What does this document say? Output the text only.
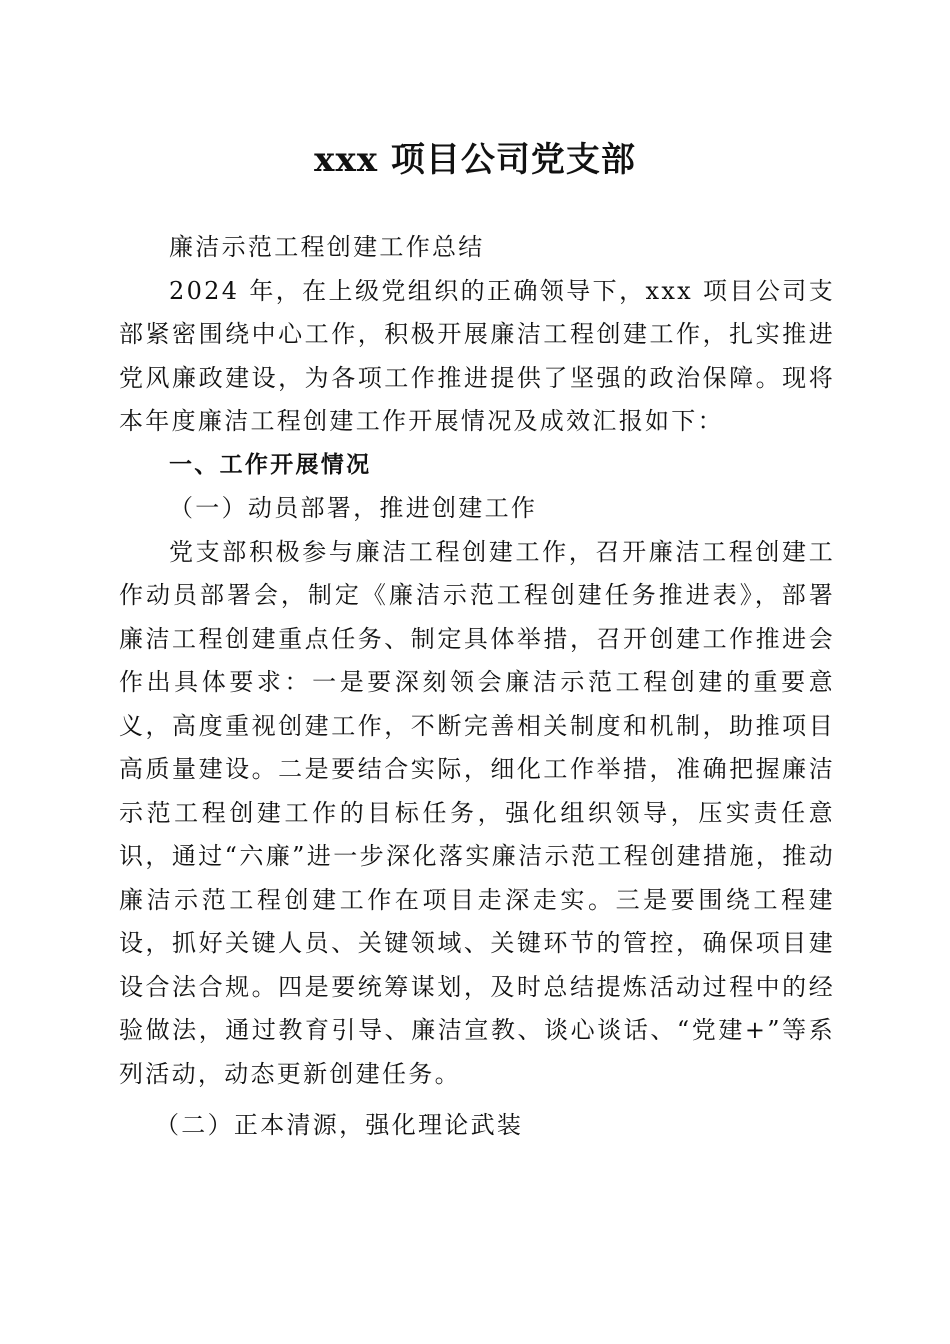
xxx 项目公司党支部

廉洁示范工程创建工作总结

2024 年，在上级党组织的正确领导下，xxx 项目公司支部紧密围绕中心工作，积极开展廉洁工程创建工作，扎实推进党风廉政建设，为各项工作推进提供了坚强的政治保障。现将本年度廉洁工程创建工作开展情况及成效汇报如下：

一、工作开展情况

（一）动员部署，推进创建工作

党支部积极参与廉洁工程创建工作，召开廉洁工程创建工作动员部署会，制定《廉洁示范工程创建任务推进表》，部署廉洁工程创建重点任务、制定具体举措，召开创建工作推进会作出具体要求：一是要深刻领会廉洁示范工程创建的重要意义，高度重视创建工作，不断完善相关制度和机制，助推项目高质量建设。二是要结合实际，细化工作举措，准确把握廉洁示范工程创建工作的目标任务，强化组织领导，压实责任意识，通过“六廉”进一步深化落实廉洁示范工程创建措施，推动廉洁示范工程创建工作在项目走深走实。三是要围绕工程建设，抓好关键人员、关键领域、关键环节的管控，确保项目建设合法合规。四是要统筹谋划，及时总结提炼活动过程中的经验做法，通过教育引导、廉洁宣教、谈心谈话、“党建+”等系列活动，动态更新创建任务。

（二）正本清源，强化理论武装
